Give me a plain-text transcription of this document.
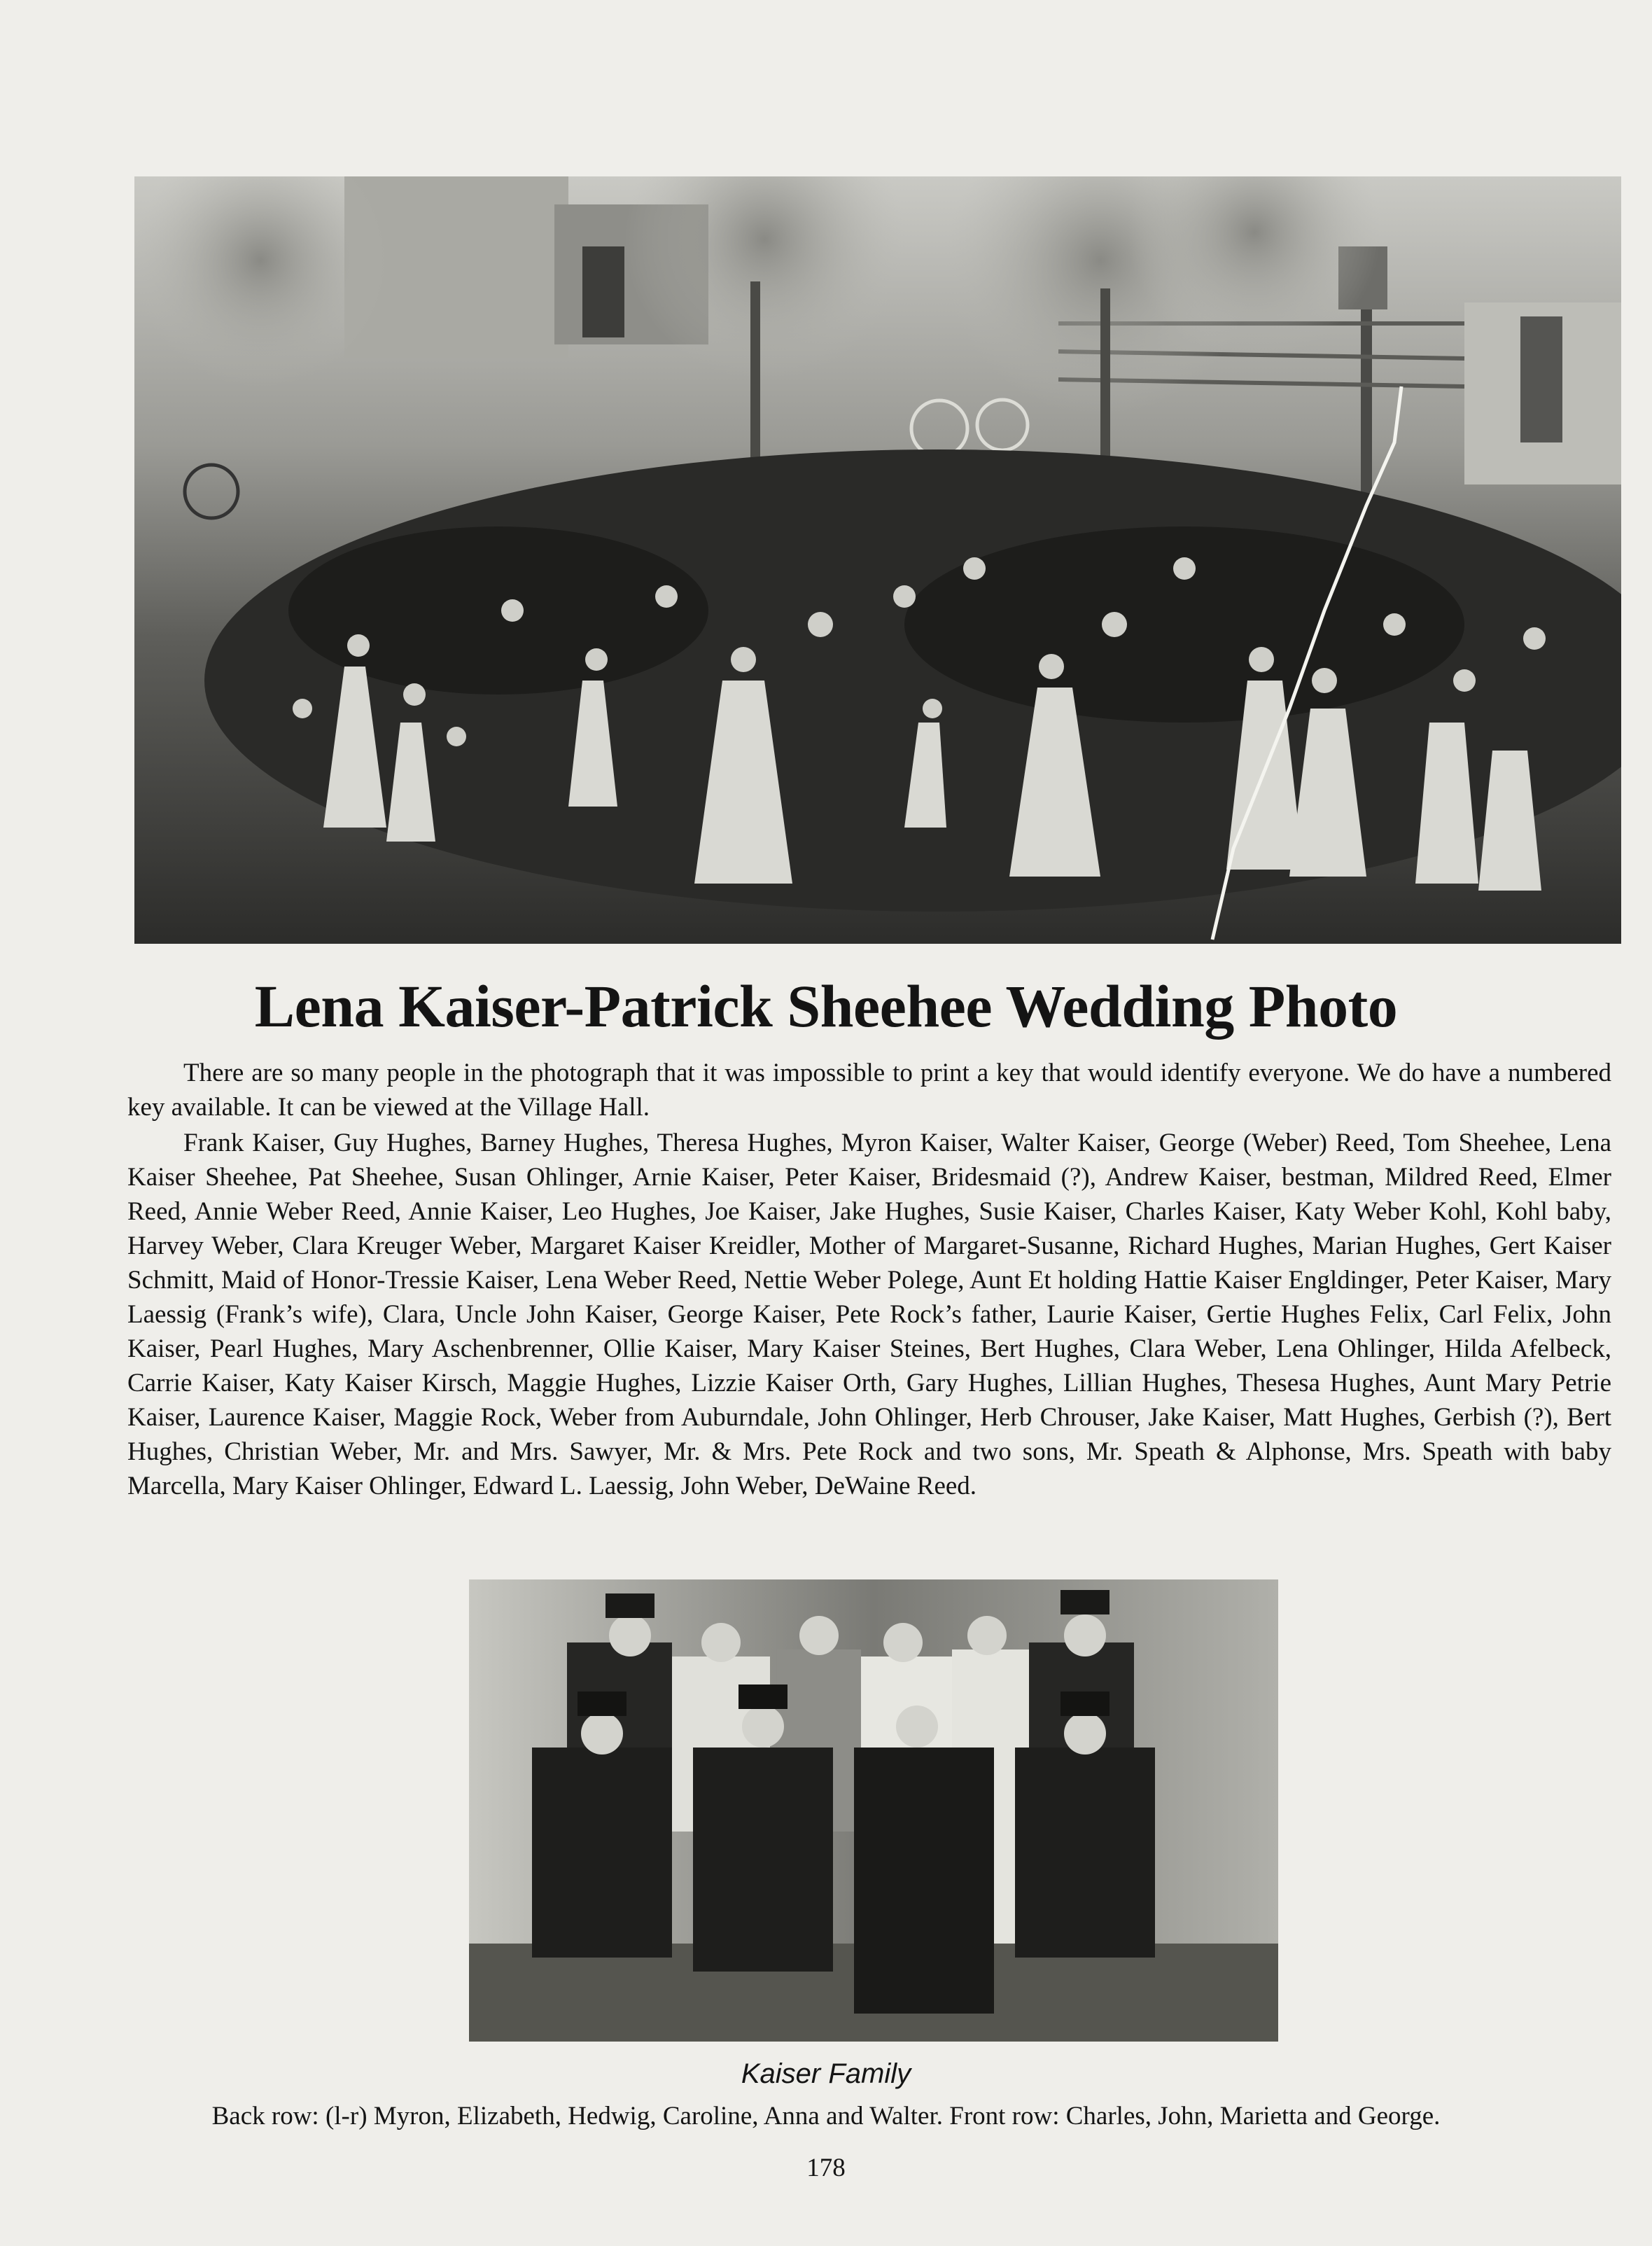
Lena Kaiser-Patrick Sheehee Wedding Photo

There are so many people in the photograph that it was impossible to print a key that would identify everyone. We do have a numbered key available. It can be viewed at the Village Hall.

Frank Kaiser, Guy Hughes, Barney Hughes, Theresa Hughes, Myron Kaiser, Walter Kaiser, George (Weber) Reed, Tom Sheehee, Lena Kaiser Sheehee, Pat Sheehee, Susan Ohlinger, Arnie Kaiser, Peter Kaiser, Bridesmaid (?), Andrew Kaiser, bestman, Mildred Reed, Elmer Reed, Annie Weber Reed, Annie Kaiser, Leo Hughes, Joe Kaiser, Jake Hughes, Susie Kaiser, Charles Kaiser, Katy Weber Kohl, Kohl baby, Harvey Weber, Clara Kreuger Weber, Margaret Kaiser Kreidler, Mother of Margaret-Susanne, Richard Hughes, Marian Hughes, Gert Kaiser Schmitt, Maid of Honor-Tressie Kaiser, Lena Weber Reed, Nettie Weber Polege, Aunt Et holding Hattie Kaiser Engldinger, Peter Kaiser, Mary Laessig (Frank’s wife), Clara, Uncle John Kaiser, George Kaiser, Pete Rock’s father, Laurie Kaiser, Gertie Hughes Felix, Carl Felix, John Kaiser, Pearl Hughes, Mary Aschenbrenner, Ollie Kaiser, Mary Kaiser Steines, Bert Hughes, Clara Weber, Lena Ohlinger, Hilda Afelbeck, Carrie Kaiser, Katy Kaiser Kirsch, Maggie Hughes, Lizzie Kaiser Orth, Gary Hughes, Lillian Hughes, Thesesa Hughes, Aunt Mary Petrie Kaiser, Laurence Kaiser, Maggie Rock, Weber from Auburndale, John Ohlinger, Herb Chrouser, Jake Kaiser, Matt Hughes, Gerbish (?), Bert Hughes, Christian Weber, Mr. and Mrs. Sawyer, Mr. & Mrs. Pete Rock and two sons, Mr. Speath & Alphonse, Mrs. Speath with baby Marcella, Mary Kaiser Ohlinger, Edward L. Laessig, John Weber, DeWaine Reed.

Kaiser Family

Back row: (l-r) Myron, Elizabeth, Hedwig, Caroline, Anna and Walter. Front row: Charles, John, Marietta and George.

178
